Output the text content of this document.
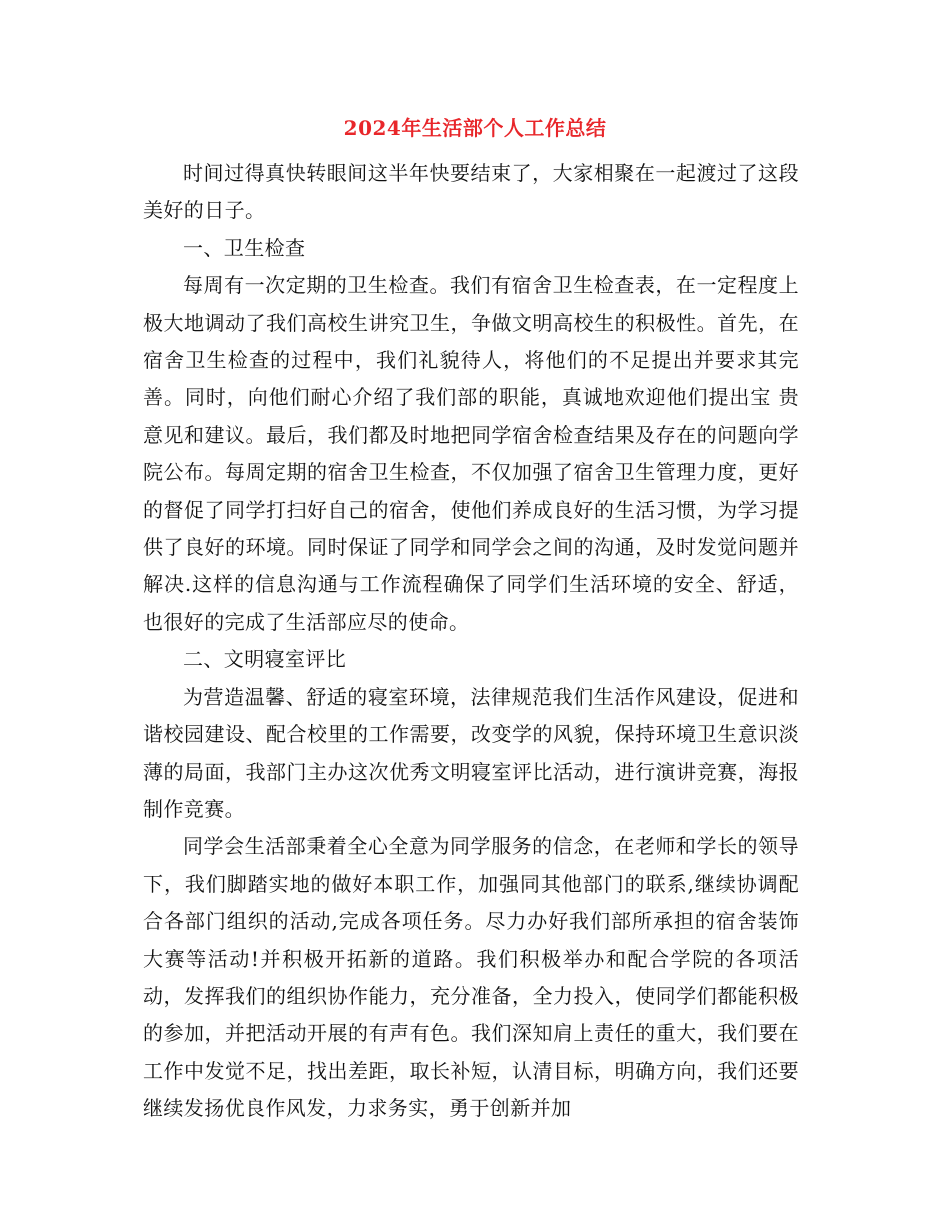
2024年生活部个人工作总结

时间过得真快转眼间这半年快要结束了，大家相聚在一起渡过了这段美好的日子。

一、卫生检查

每周有一次定期的卫生检查。我们有宿舍卫生检查表，在一定程度上极大地调动了我们高校生讲究卫生，争做文明高校生的积极性。首先，在宿舍卫生检查的过程中，我们礼貌待人，将他们的不足提出并要求其完善。同时，向他们耐心介绍了我们部的职能，真诚地欢迎他们提出宝 贵意见和建议。最后，我们都及时地把同学宿舍检查结果及存在的问题向学院公布。每周定期的宿舍卫生检查，不仅加强了宿舍卫生管理力度，更好的督促了同学打扫好自己的宿舍，使他们养成良好的生活习惯，为学习提供了良好的环境。同时保证了同学和同学会之间的沟通，及时发觉问题并解决.这样的信息沟通与工作流程确保了同学们生活环境的安全、舒适，也很好的完成了生活部应尽的使命。

二、文明寝室评比

为营造温馨、舒适的寝室环境，法律规范我们生活作风建设，促进和谐校园建设、配合校里的工作需要，改变学的风貌，保持环境卫生意识淡薄的局面，我部门主办这次优秀文明寝室评比活动，进行演讲竞赛，海报制作竞赛。

同学会生活部秉着全心全意为同学服务的信念，在老师和学长的领导下，我们脚踏实地的做好本职工作，加强同其他部门的联系,继续协调配合各部门组织的活动,完成各项任务。尽力办好我们部所承担的宿舍装饰大赛等活动!并积极开拓新的道路。我们积极举办和配合学院的各项活动，发挥我们的组织协作能力，充分准备，全力投入，使同学们都能积极的参加，并把活动开展的有声有色。我们深知肩上责任的重大，我们要在工作中发觉不足，找出差距，取长补短，认清目标，明确方向，我们还要继续发扬优良作风发，力求务实，勇于创新并加
